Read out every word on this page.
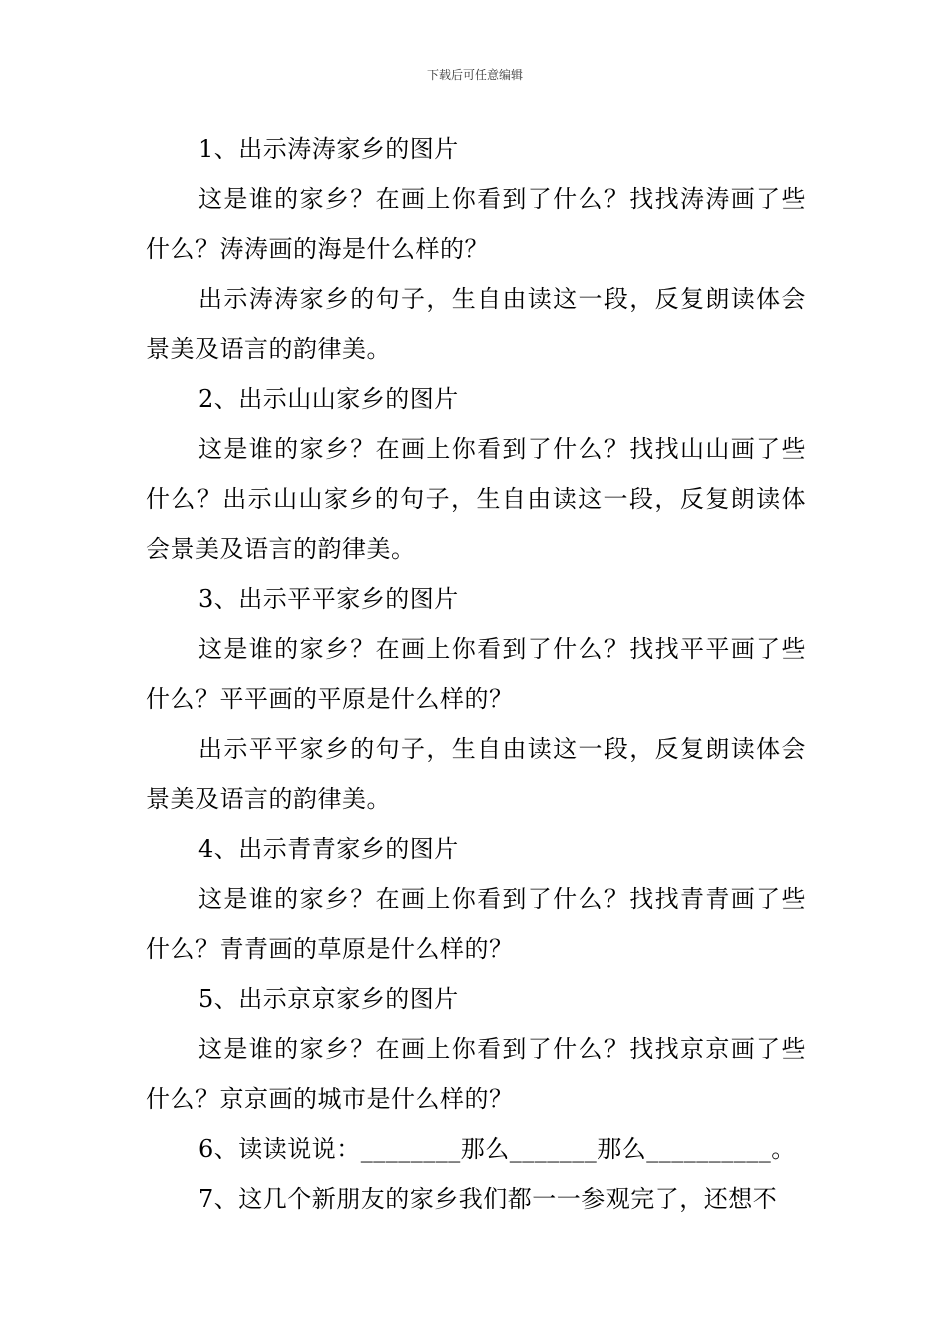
下载后可任意编辑

1、出示涛涛家乡的图片

这是谁的家乡？在画上你看到了什么？找找涛涛画了些什么？涛涛画的海是什么样的？

出示涛涛家乡的句子，生自由读这一段，反复朗读体会景美及语言的韵律美。

2、出示山山家乡的图片

这是谁的家乡？在画上你看到了什么？找找山山画了些什么？出示山山家乡的句子，生自由读这一段，反复朗读体会景美及语言的韵律美。

3、出示平平家乡的图片

这是谁的家乡？在画上你看到了什么？找找平平画了些什么？平平画的平原是什么样的？

出示平平家乡的句子，生自由读这一段，反复朗读体会景美及语言的韵律美。

4、出示青青家乡的图片

这是谁的家乡？在画上你看到了什么？找找青青画了些什么？青青画的草原是什么样的？

5、出示京京家乡的图片

这是谁的家乡？在画上你看到了什么？找找京京画了些什么？京京画的城市是什么样的？

6、读读说说：________那么_______那么__________。

7、这几个新朋友的家乡我们都一一参观完了，还想不
